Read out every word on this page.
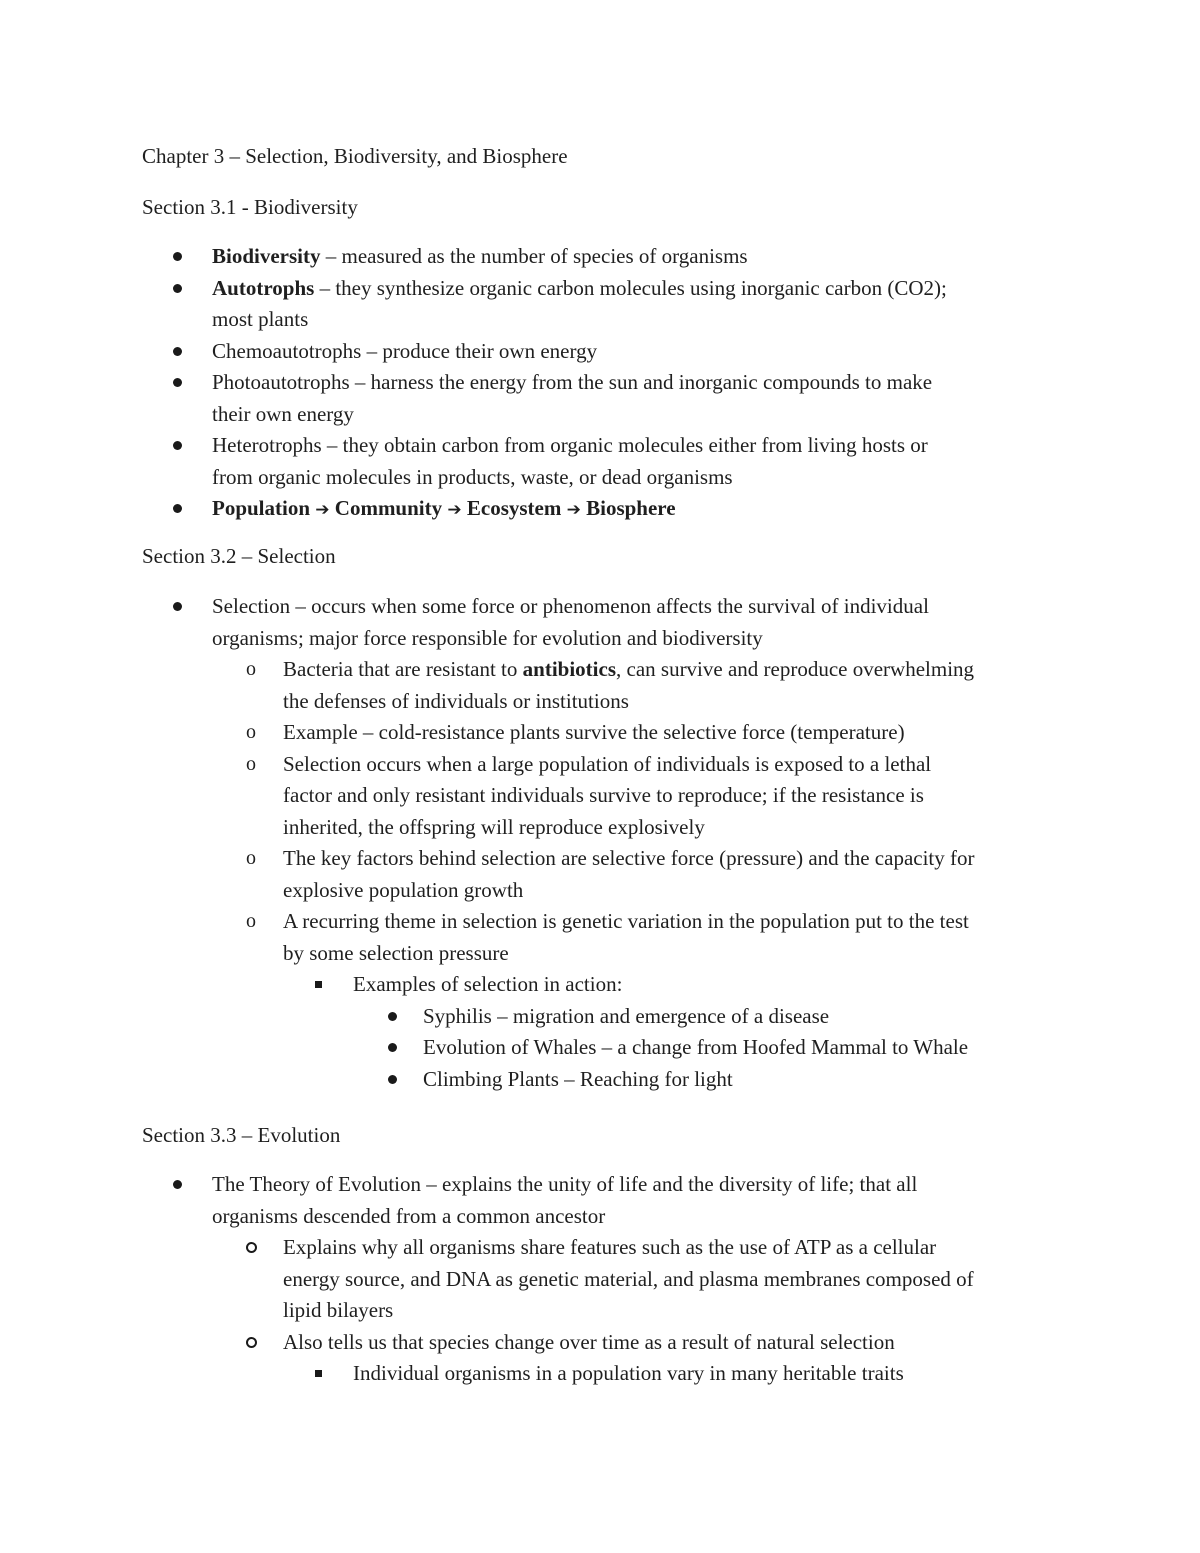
Chapter 3 – Selection, Biodiversity, and Biosphere
Section 3.1 - Biodiversity
Biodiversity – measured as the number of species of organisms
Autotrophs – they synthesize organic carbon molecules using inorganic carbon (CO2);
most plants
Chemoautotrophs – produce their own energy
Photoautotrophs – harness the energy from the sun and inorganic compounds to make
their own energy
Heterotrophs – they obtain carbon from organic molecules either from living hosts or
from organic molecules in products, waste, or dead organisms
Population ➔ Community ➔ Ecosystem ➔ Biosphere
Section 3.2 – Selection
Selection – occurs when some force or phenomenon affects the survival of individual
organisms; major force responsible for evolution and biodiversity
o Bacteria that are resistant to antibiotics, can survive and reproduce overwhelming
the defenses of individuals or institutions
o Example – cold-resistance plants survive the selective force (temperature)
o Selection occurs when a large population of individuals is exposed to a lethal
factor and only resistant individuals survive to reproduce; if the resistance is
inherited, the offspring will reproduce explosively
o The key factors behind selection are selective force (pressure) and the capacity for
explosive population growth
o A recurring theme in selection is genetic variation in the population put to the test
by some selection pressure
Examples of selection in action:
Syphilis – migration and emergence of a disease
Evolution of Whales – a change from Hoofed Mammal to Whale
Climbing Plants – Reaching for light
Section 3.3 – Evolution
The Theory of Evolution – explains the unity of life and the diversity of life; that all
organisms descended from a common ancestor
Explains why all organisms share features such as the use of ATP as a cellular
energy source, and DNA as genetic material, and plasma membranes composed of
lipid bilayers
Also tells us that species change over time as a result of natural selection
Individual organisms in a population vary in many heritable traits
